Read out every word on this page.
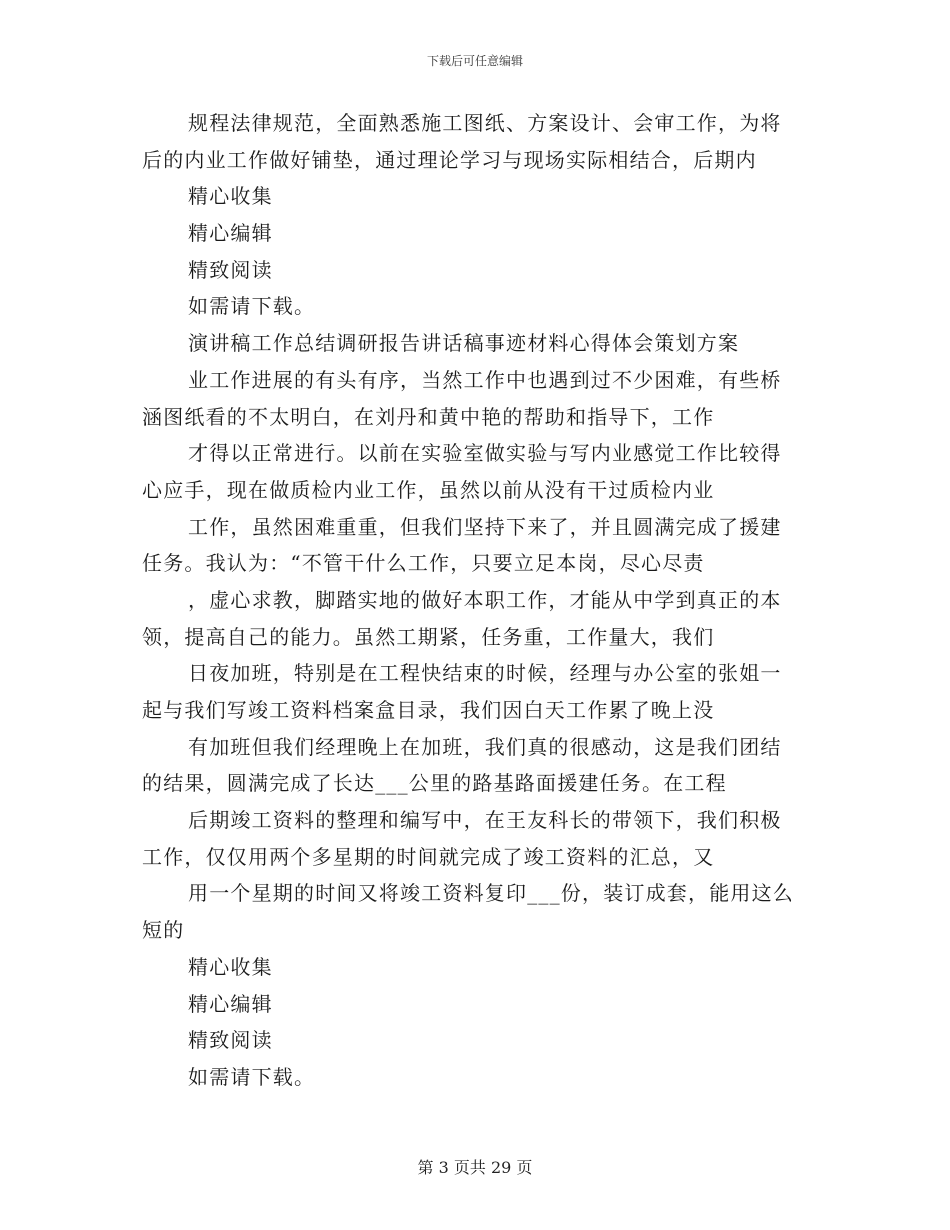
下载后可任意编辑
规程法律规范，全面熟悉施工图纸、方案设计、会审工作，为将
后的内业工作做好铺垫，通过理论学习与现场实际相结合，后期内
精心收集
精心编辑
精致阅读
如需请下载。
演讲稿工作总结调研报告讲话稿事迹材料心得体会策划方案
业工作进展的有头有序，当然工作中也遇到过不少困难，有些桥
涵图纸看的不太明白，在刘丹和黄中艳的帮助和指导下，工作
才得以正常进行。以前在实验室做实验与写内业感觉工作比较得
心应手，现在做质检内业工作，虽然以前从没有干过质检内业
工作，虽然困难重重，但我们坚持下来了，并且圆满完成了援建
任务。我认为：“不管干什么工作，只要立足本岗，尽心尽责
，虚心求教，脚踏实地的做好本职工作，才能从中学到真正的本
领，提高自己的能力。虽然工期紧，任务重，工作量大，我们
日夜加班，特别是在工程快结束的时候，经理与办公室的张姐一
起与我们写竣工资料档案盒目录，我们因白天工作累了晚上没
有加班但我们经理晚上在加班，我们真的很感动，这是我们团结
的结果，圆满完成了长达___公里的路基路面援建任务。在工程
后期竣工资料的整理和编写中，在王友科长的带领下，我们积极
工作，仅仅用两个多星期的时间就完成了竣工资料的汇总，又
用一个星期的时间又将竣工资料复印___份，装订成套，能用这么
短的
精心收集
精心编辑
精致阅读
如需请下载。
第 3 页共 29 页
